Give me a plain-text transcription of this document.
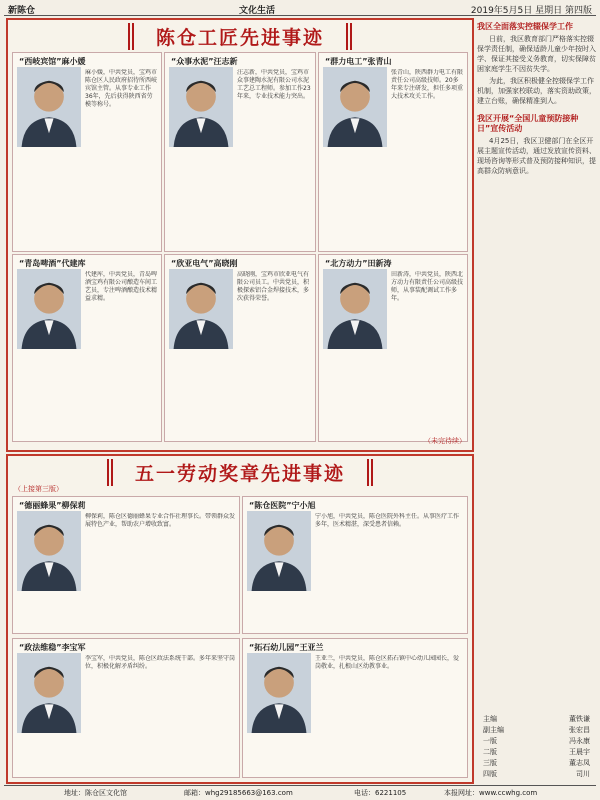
新陈仓	文化生活	2019年5月5日 星期日 第四版
陈仓工匠先进事迹
“西岐宾馆”麻小媛
麻小媛，中共党员，宝鸡市陈仓区人民政府招待所西岐宾馆主管。从事专业工作36年，先后获得陕西省劳模等称号。
“众事水泥”汪志新
汪志新，中共党员，宝鸡市众事建陶水泥有限公司水泥工艺总工程师。参加工作23年来，专业技术能力突出。
“群力电工”张青山
张青山，陕西群力电工有限责任公司高级技师。20多年来专注研发，担任多项重大技术攻关工作。
“青岛啤酒”代建库
代建库，中共党员，青岛啤酒宝鸡有限公司酿造车间工艺员，专注啤酒酿造技术精益求精。
“欣亚电气”高晓刚
高晓刚，宝鸡市欣亚电气有限公司员工。中共党员，积极探索铝合金焊接技术，多次获得荣誉。
“北方动力”田新涛
田新涛，中共党员，陕西北方动力有限责任公司高级技师，从事装配调试工作多年。
（未完待续）
五一劳动奖章先进事迹
（上接第三版）
“德丽蜂果”柳保莉
柳保莉，陈仓区德丽蜂果专业合作社理事长。带领群众发展特色产业，帮助农户增收致富。
“陈仓医院”宁小旭
宁小旭，中共党员，陈仓医院外科主任。从事医疗工作多年，医术精湛，深受患者信赖。
“政法维稳”李宝军
李宝军，中共党员，陈仓区政法系统干部。多年来坚守岗位，积极化解矛盾纠纷。
“拓石幼儿园”王亚兰
王亚兰，中共党员，陈仓区拓石镇中心幼儿园园长，爱岗敬业，扎根山区幼教事业。
我区全面落实控辍保学工作
日前，我区教育部门严格落实控辍保学责任制，确保适龄儿童少年按时入学、保证其接受义务教育，切实保障贫困家庭学生不因贫失学。
为此，我区积极健全控辍保学工作机制，加强家校联动，落实资助政策，建立台账，确保精准到人。
我区开展“全国儿童预防接种日”宣传活动
4月25日，我区卫健部门在全区开展主题宣传活动，通过发放宣传资料、现场咨询等形式普及预防接种知识，提高群众防病意识。
主编	董铁谦
副主编	张宏昌
一版	冯永康
二版	王晨宇
三版	董志凤
四版	司川
地址：陈仓区文化馆	邮箱：whg29185663@163.com	电话：6221105	本报网址：www.ccwhg.com
